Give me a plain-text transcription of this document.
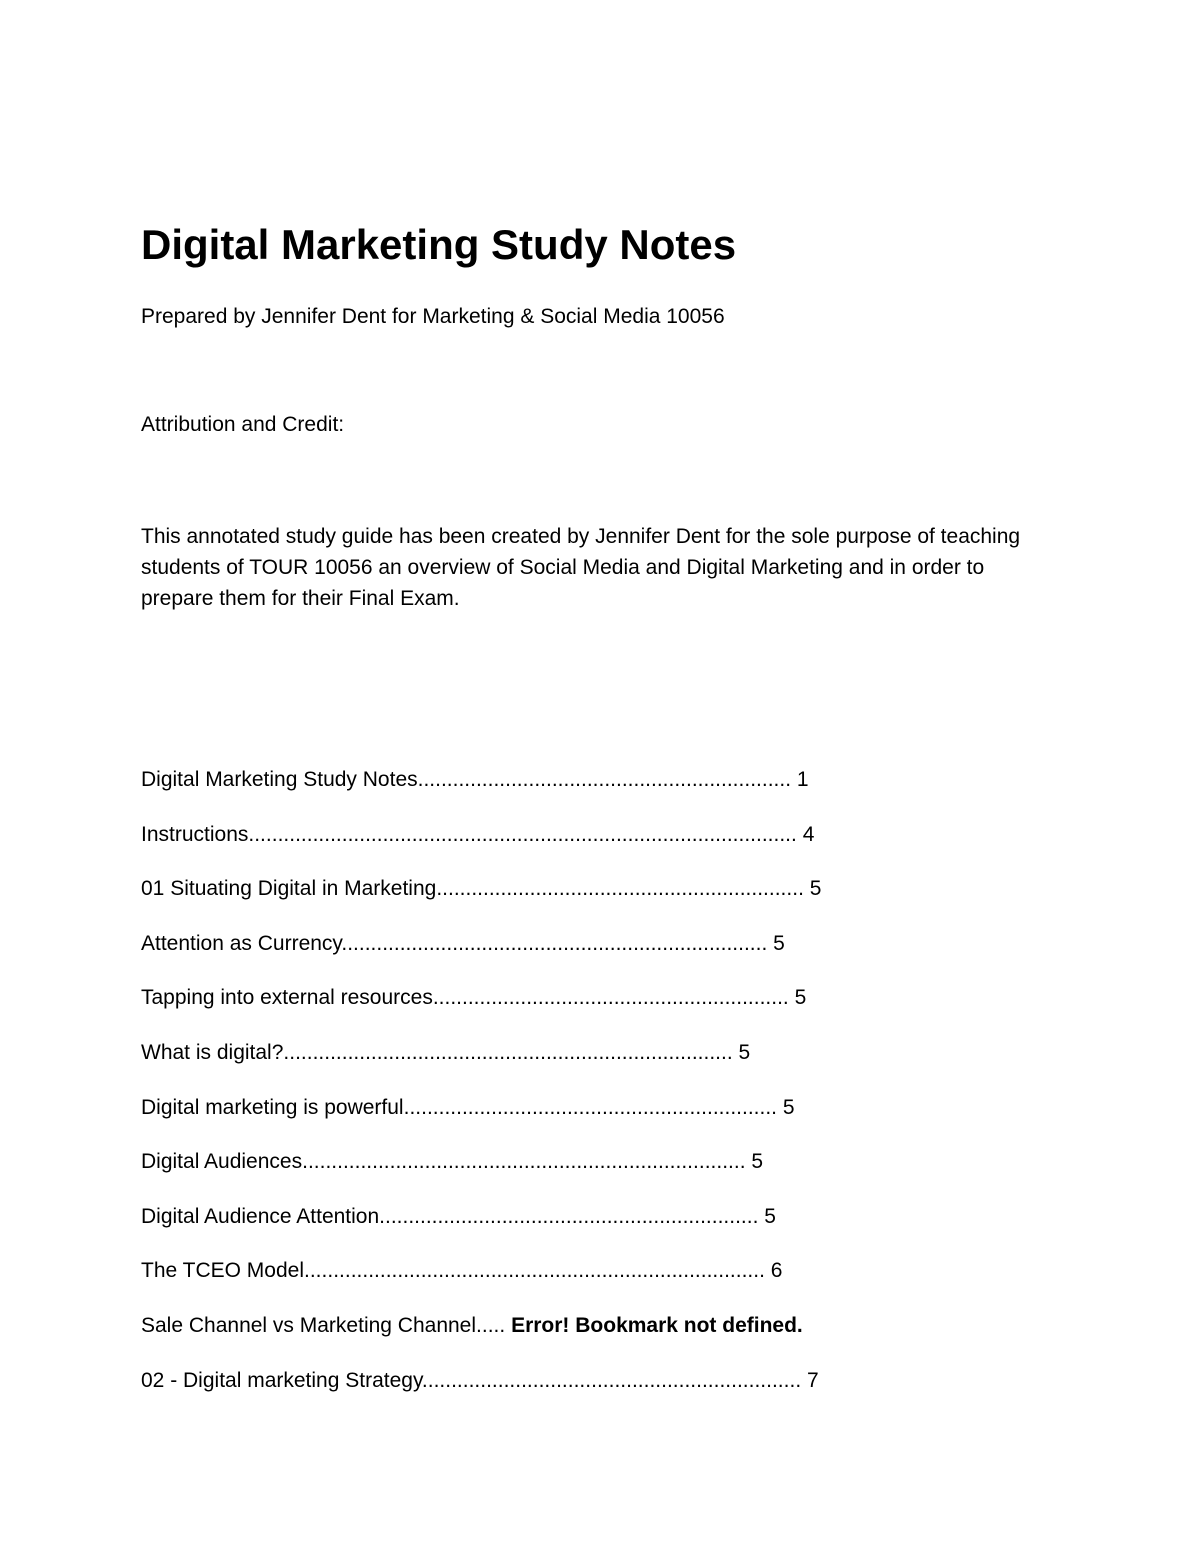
Digital Marketing Study Notes
Prepared by Jennifer Dent for Marketing & Social Media 10056
Attribution and Credit:

This annotated study guide has been created by Jennifer Dent for the sole purpose of teaching students of TOUR 10056 an overview of Social Media and Digital Marketing and in order to prepare them for their Final Exam.

Digital Marketing Study Notes................................................................ 1
Instructions.............................................................................................. 4
01 Situating Digital in Marketing............................................................... 5
Attention as Currency......................................................................... 5
Tapping into external resources............................................................. 5
What is digital?............................................................................. 5
Digital marketing is powerful................................................................ 5
Digital Audiences............................................................................ 5
Digital Audience Attention................................................................. 5
The TCEO Model............................................................................... 6
Sale Channel vs Marketing Channel..... Error! Bookmark not defined.
02 - Digital marketing Strategy................................................................. 7
